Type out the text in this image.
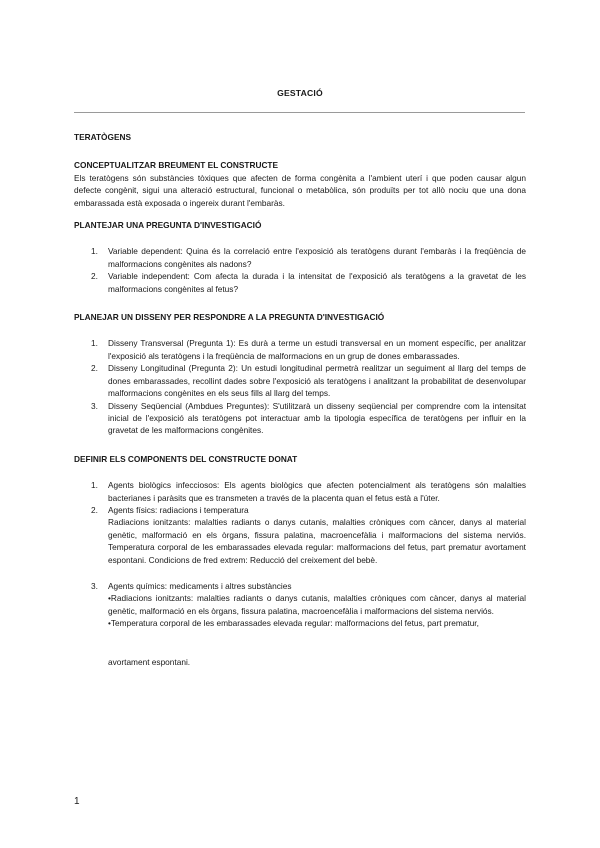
GESTACIÓ

TERATÒGENS

CONCEPTUALITZAR BREUMENT EL CONSTRUCTE

Els teratògens són substàncies tòxiques que afecten de forma congènita a l'ambient uterí i que poden causar algun defecte congènit, sigui una alteració estructural, funcional o metabòlica, són produïts per tot allò nociu que una dona embarassada està exposada o ingereix durant l'embaràs.

PLANTEJAR UNA PREGUNTA D'INVESTIGACIÓ

1. Variable dependent: Quina és la correlació entre l'exposició als teratògens durant l'embaràs i la freqüència de malformacions congènites als nadons?
2. Variable independent: Com afecta la durada i la intensitat de l'exposició als teratògens a la gravetat de les malformacions congènites al fetus?

PLANEJAR UN DISSENY PER RESPONDRE A LA PREGUNTA D'INVESTIGACIÓ

1. Disseny Transversal (Pregunta 1): Es durà a terme un estudi transversal en un moment específic, per analitzar l'exposició als teratògens i la freqüència de malformacions en un grup de dones embarassades.
2. Disseny Longitudinal (Pregunta 2): Un estudi longitudinal permetrà realitzar un seguiment al llarg del temps de dones embarassades, recollint dades sobre l'exposició als teratògens i analitzant la probabilitat de desenvolupar malformacions congènites en els seus fills al llarg del temps.
3. Disseny Seqüencial (Ambdues Preguntes): S'utilitzarà un disseny seqüencial per comprendre com la intensitat inicial de l'exposició als teratògens pot interactuar amb la tipologia específica de teratògens per influir en la gravetat de les malformacions congènites.

DEFINIR ELS COMPONENTS DEL CONSTRUCTE DONAT

1. Agents biològics infecciosos: Els agents biològics que afecten potencialment als teratògens són malalties bacterianes i paràsits que es transmeten a través de la placenta quan el fetus està a l'úter.
2. Agents físics: radiacions i temperatura

Radiacions ionitzants: malalties radiants o danys cutanis, malalties cròniques com càncer, danys al material genètic, malformació en els òrgans, fissura palatina, macroencefàlia i malformacions del sistema nerviós. Temperatura corporal de les embarassades elevada regular: malformacions del fetus, part prematur avortament espontani. Condicions de fred extrem: Reducció del creixement del bebè.

3. Agents químics: medicaments i altres substàncies

•Radiacions ionitzants: malalties radiants o danys cutanis, malalties cròniques com càncer, danys al material genètic, malformació en els òrgans, fissura palatina, macroencefàlia i malformacions del sistema nerviós.

•Temperatura corporal de les embarassades elevada regular: malformacions del fetus, part prematur,

avortament espontani.

1
